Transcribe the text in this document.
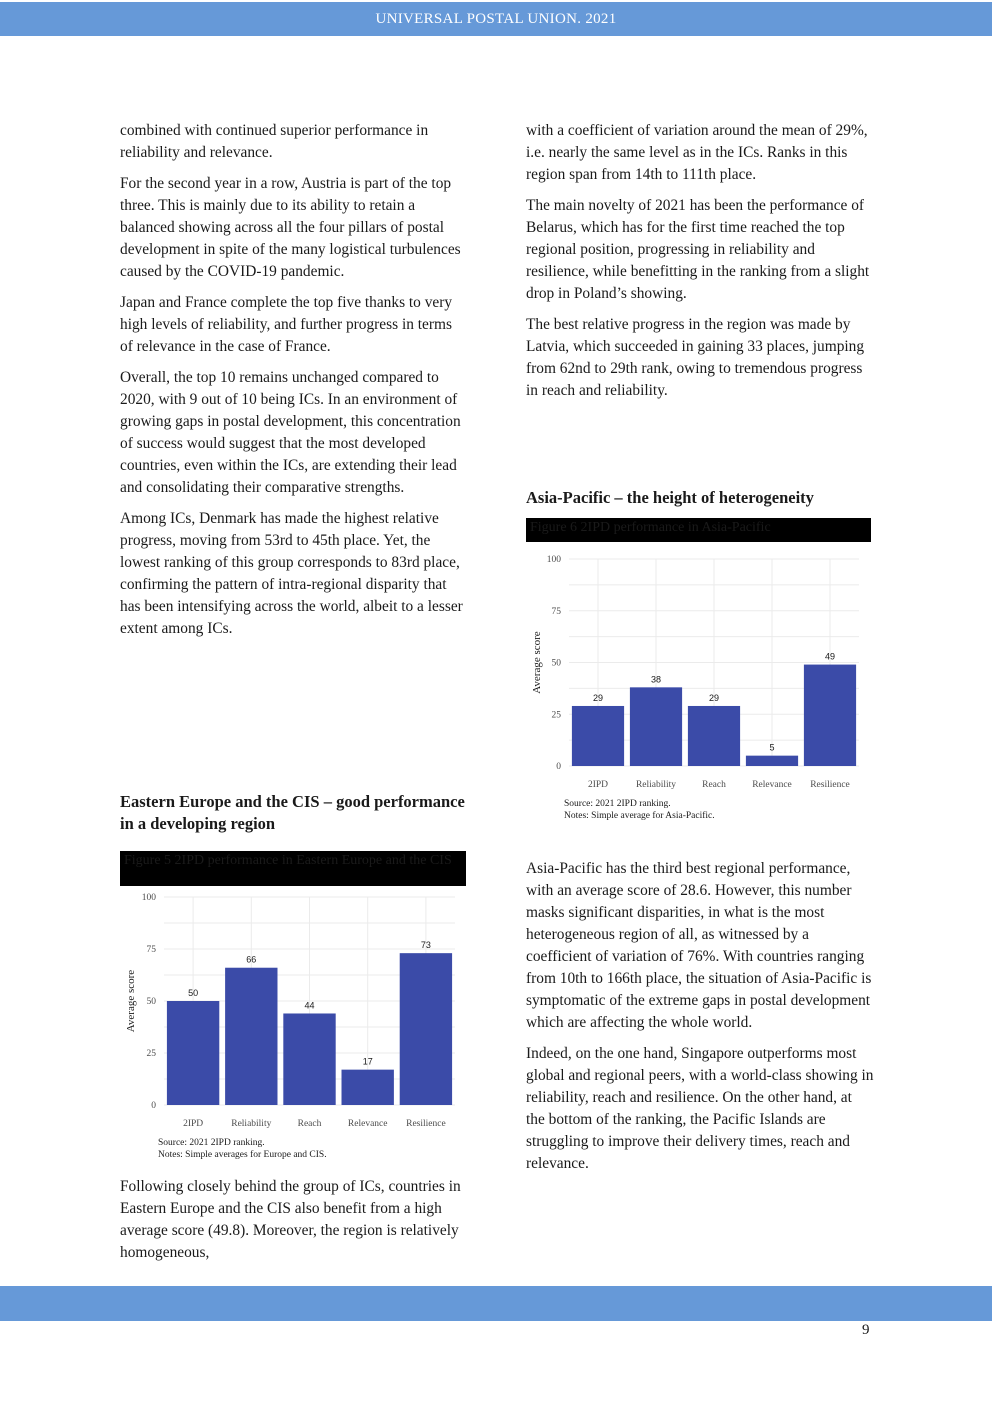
UNIVERSAL POSTAL UNION. 2021

combined with continued superior performance in reliability and relevance.

For the second year in a row, Austria is part of the top three. This is mainly due to its ability to retain a balanced showing across all the four pillars of postal development in spite of the many logistical turbulences caused by the COVID-19 pandemic.

Japan and France complete the top five thanks to very high levels of reliability, and further progress in terms of relevance in the case of France.

Overall, the top 10 remains unchanged compared to 2020, with 9 out of 10 being ICs. In an environment of growing gaps in postal development, this concentration of success would suggest that the most developed countries, even within the ICs, are extending their lead and consolidating their comparative strengths.

Among ICs, Denmark has made the highest relative progress, moving from 53rd to 45th place. Yet, the lowest ranking of this group corresponds to 83rd place, confirming the pattern of intra-regional disparity that has been intensifying across the world, albeit to a lesser extent among ICs.

Eastern Europe and the CIS – good performance in a developing region
Figure 5 2IPD performance in Eastern Europe and the CIS
0
25
50
75
100
50
2IPD
66
Reliability
44
Reach
17
Relevance
73
Resilience
Average score
Source: 2021 2IPD ranking.
Notes: Simple averages for Europe and CIS.

Following closely behind the group of ICs, countries in Eastern Europe and the CIS also benefit from a high average score (49.8). Moreover, the region is relatively homogeneous,

with a coefficient of variation around the mean of 29%, i.e. nearly the same level as in the ICs. Ranks in this region span from 14th to 111th place.

The main novelty of 2021 has been the performance of Belarus, which has for the first time reached the top regional position, progressing in reliability and resilience, while benefitting in the ranking from a slight drop in Poland’s showing.

The best relative progress in the region was made by Latvia, which succeeded in gaining 33 places, jumping from 62nd to 29th rank, owing to tremendous progress in reach and reliability.

Asia-Pacific – the height of heterogeneity
Figure 6 2IPD performance in Asia-Pacific
0
25
50
75
100
29
2IPD
38
Reliability
29
Reach
5
Relevance
49
Resilience
Average score
Source: 2021 2IPD ranking.
Notes: Simple average for Asia-Pacific.

Asia-Pacific has the third best regional performance, with an average score of 28.6. However, this number masks significant disparities, in what is the most heterogeneous region of all, as witnessed by a coefficient of variation of 76%. With countries ranging from 10th to 166th place, the situation of Asia-Pacific is symptomatic of the extreme gaps in postal development which are affecting the whole world.

Indeed, on the one hand, Singapore outperforms most global and regional peers, with a world-class showing in reliability, reach and resilience. On the other hand, at the bottom of the ranking, the Pacific Islands are struggling to improve their delivery times, reach and relevance.

9
